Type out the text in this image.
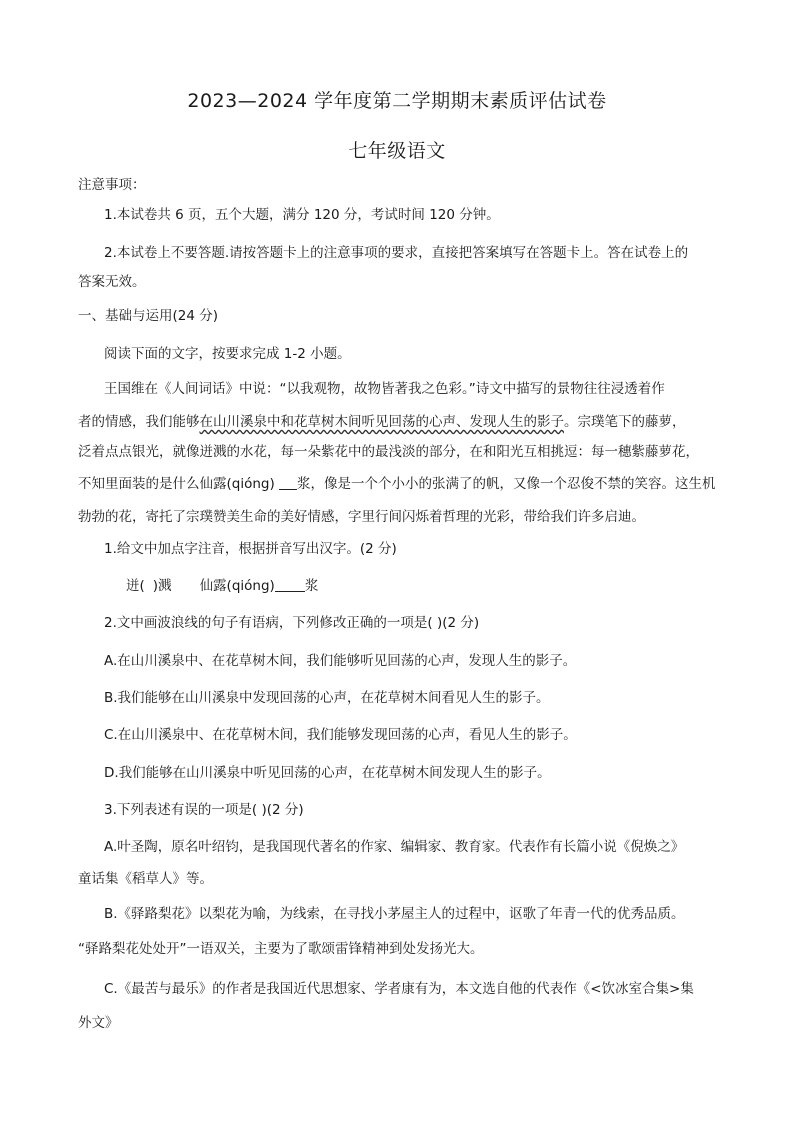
2023—2024 学年度第二学期期末素质评估试卷
七年级语文
注意事项：
1.本试卷共 6 页，五个大题，满分 120 分，考试时间 120 分钟。
2.本试卷上不要答题.请按答题卡上的注意事项的要求，直接把答案填写在答题卡上。答在试卷上的
答案无效。
一、基础与运用(24 分)
阅读下面的文字，按要求完成 1-2 小题。
王国维在《人间词话》中说：“以我观物，故物皆著我之色彩。”诗文中描写的景物往往浸透着作
者的情感，我们能够在山川溪泉中和花草树木间听见回荡的心声、发现人生的影子。宗璞笔下的藤萝，
泛着点点银光，就像迸溅的水花，每一朵紫花中的最浅淡的部分，在和阳光互相挑逗：每一穗紫藤萝花，
不知里面装的是什么仙露(qióng) 浆，像是一个个小小的张满了的帆，又像一个忍俊不禁的笑容。这生机
勃勃的花，寄托了宗璞赞美生命的美好情感，字里行间闪烁着哲理的光彩，带给我们许多启迪。
1.给文中加点字注音，根据拼音写出汉字。(2 分)
迸( )溅 仙露(qióng) 浆
2.文中画波浪线的句子有语病，下列修改正确的一项是( )(2 分)
A.在山川溪泉中、在花草树木间，我们能够听见回荡的心声，发现人生的影子。
B.我们能够在山川溪泉中发现回荡的心声，在花草树木间看见人生的影子。
C.在山川溪泉中、在花草树木间，我们能够发现回荡的心声，看见人生的影子。
D.我们能够在山川溪泉中听见回荡的心声，在花草树木间发现人生的影子。
3.下列表述有误的一项是( )(2 分)
A.叶圣陶，原名叶绍钧，是我国现代著名的作家、编辑家、教育家。代表作有长篇小说《倪焕之》
童话集《稻草人》等。
B.《驿路梨花》以梨花为喻，为线索，在寻找小茅屋主人的过程中，讴歌了年青一代的优秀品质。
“驿路梨花处处开”一语双关，主要为了歌颂雷锋精神到处发扬光大。
C.《最苦与最乐》的作者是我国近代思想家、学者康有为，本文选自他的代表作《<饮冰室合集>集
外文》
